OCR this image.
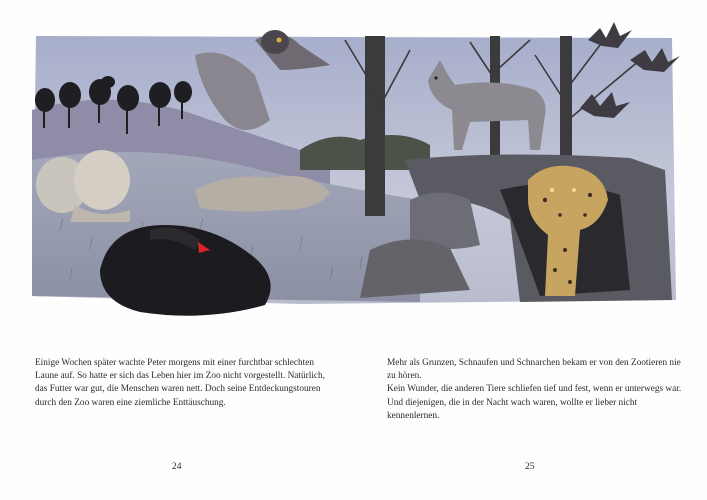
Einige Wochen später wachte Peter morgens mit einer furchtbar schlechten Laune auf. So hatte er sich das Leben hier im Zoo nicht vorgestellt. Natürlich, das Futter war gut, die Menschen waren nett. Doch seine Entdeckungstouren durch den Zoo waren eine ziemliche Enttäuschung.

Mehr als Grunzen, Schnaufen und Schnarchen bekam er von den Zootieren nie zu hören.

Kein Wunder, die anderen Tiere schliefen tief und fest, wenn er unterwegs war. Und diejenigen, die in der Nacht wach waren, wollte er lieber nicht kennenlernen.

24	25
